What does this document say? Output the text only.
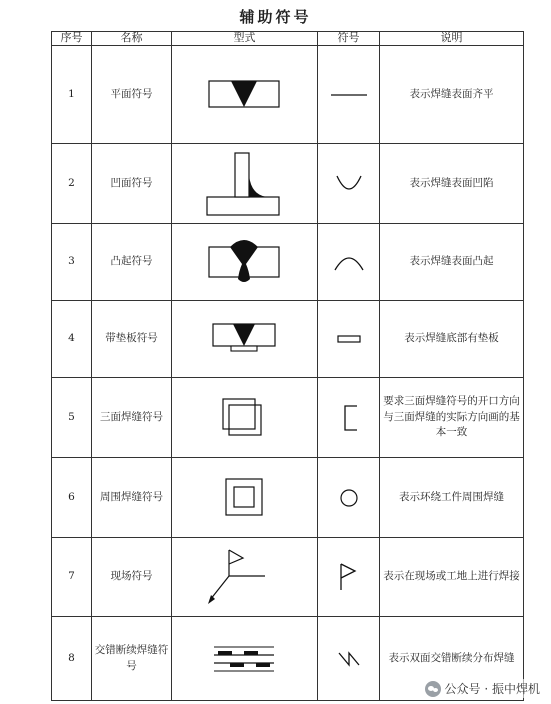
辅助符号
序号	名称	型式	符号	说明
1	平面符号			表示焊缝表面齐平
2	凹面符号			表示焊缝表面凹陷
3	凸起符号			表示焊缝表面凸起
4	带垫板符号			表示焊缝底部有垫板
5	三面焊缝符号			要求三面焊缝符号的开口方向与三面焊缝的实际方向画的基本一致
6	周围焊缝符号			表示环绕工件周围焊缝
7	现场符号			表示在现场或工地上进行焊接
8	交错断续焊缝符号			表示双面交错断续分布焊缝
公众号 · 振中焊机
